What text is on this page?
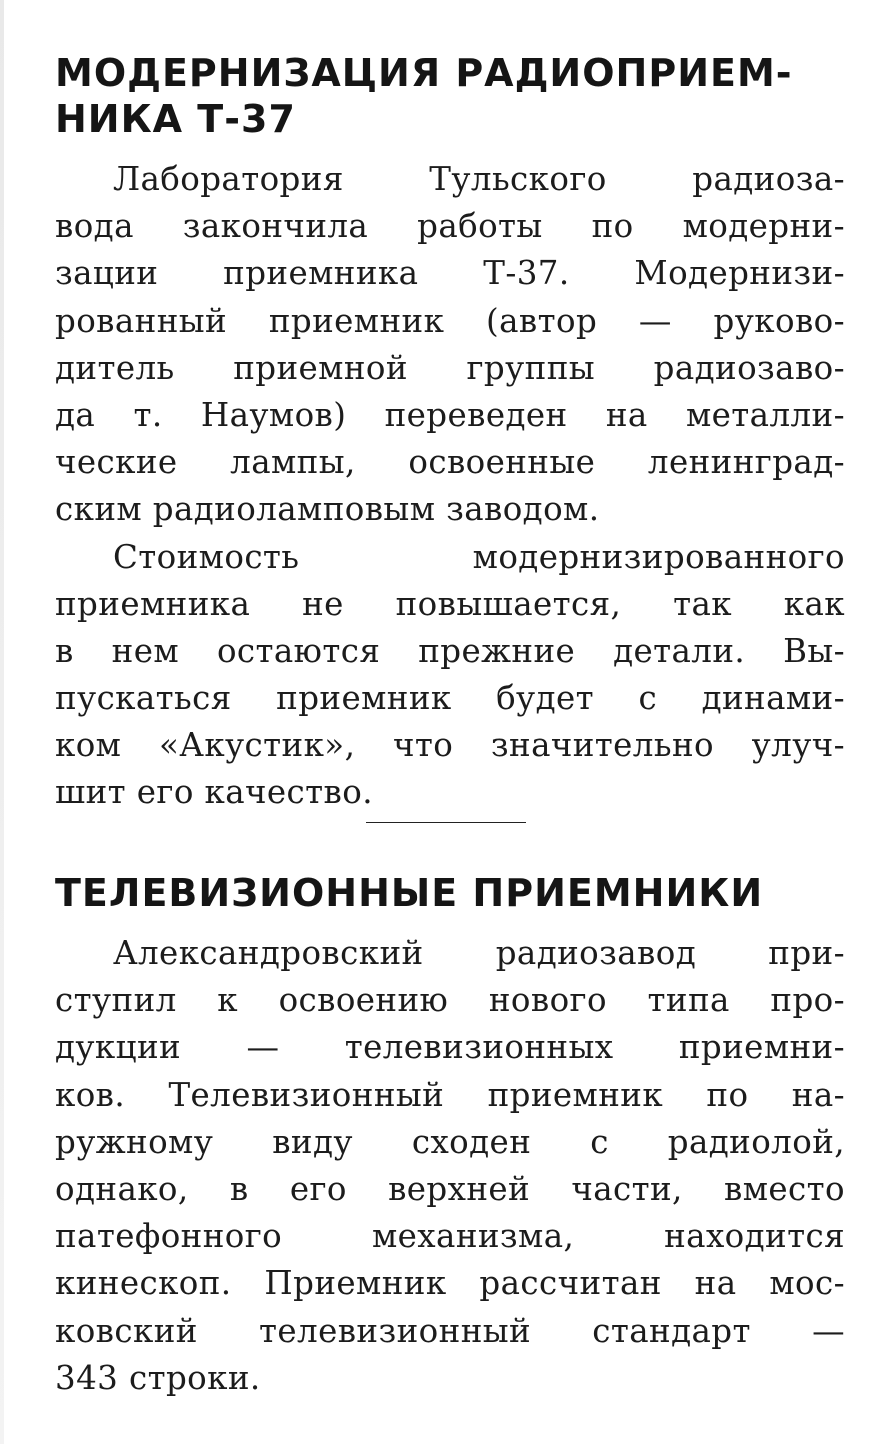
МОДЕРНИЗАЦИЯ РАДИОПРИЕМ-
НИКА Т-37
Лаборатория Тульского радиоза-
вода закончила работы по модерни-
зации приемника Т-37. Модернизи-
рованный приемник (автор — руково-
дитель приемной группы радиозаво-
да т. Наумов) переведен на металли-
ческие лампы, освоенные ленинград-
ским радиоламповым заводом.
Стоимость модернизированного
приемника не повышается, так как
в нем остаются прежние детали. Вы-
пускаться приемник будет с динами-
ком «Акустик», что значительно улуч-
шит его качество.
ТЕЛЕВИЗИОННЫЕ ПРИЕМНИКИ
Александровский радиозавод при-
ступил к освоению нового типа про-
дукции — телевизионных приемни-
ков. Телевизионный приемник по на-
ружному виду сходен с радиолой,
однако, в его верхней части, вместо
патефонного механизма, находится
кинескоп. Приемник рассчитан на мос-
ковский телевизионный стандарт —
343 строки.
